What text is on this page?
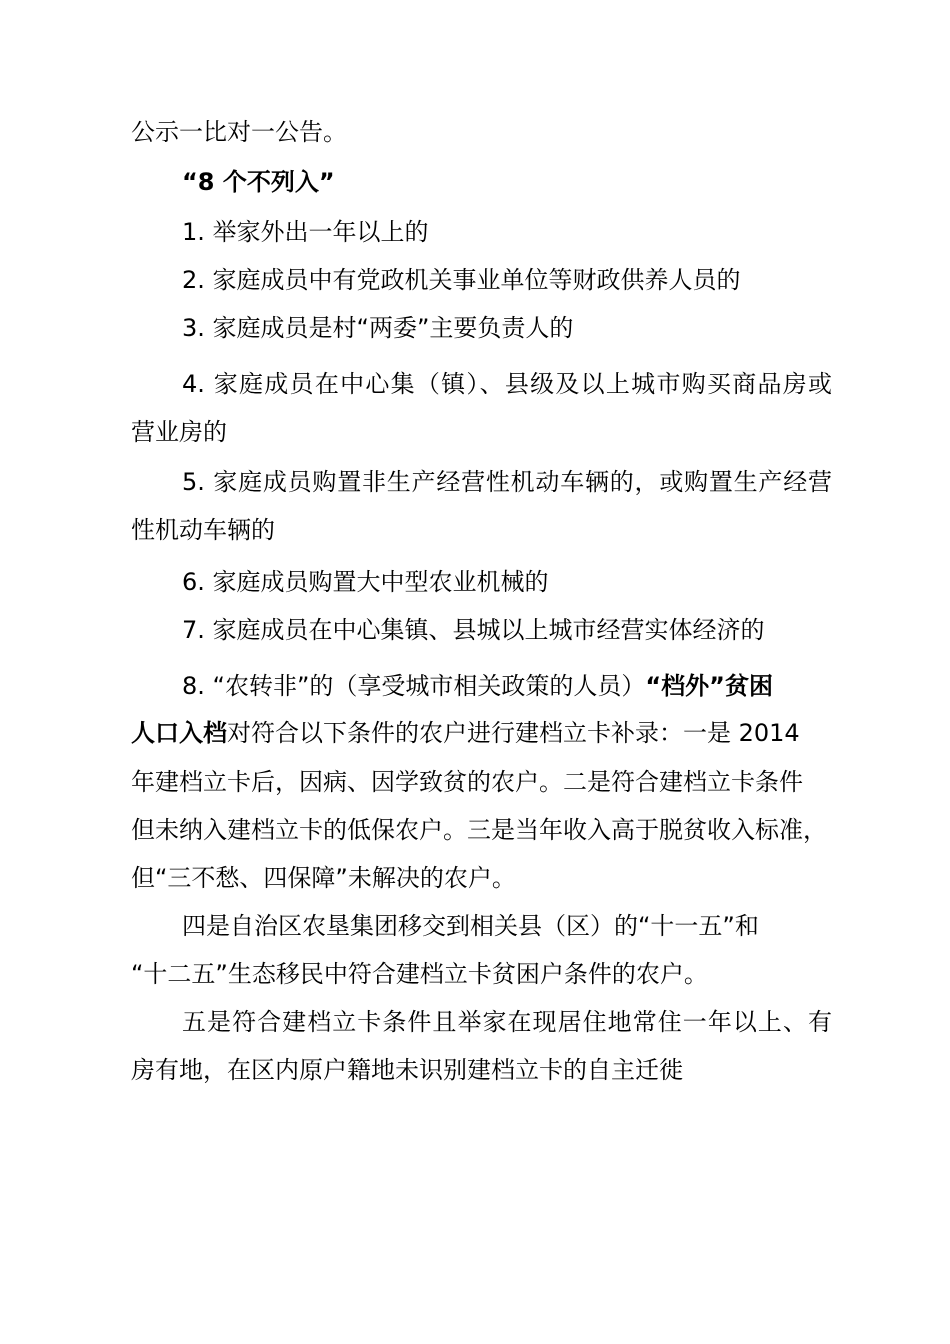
公示一比对一公告。
“8 个不列入”
1. 举家外出一年以上的
2. 家庭成员中有党政机关事业单位等财政供养人员的
3. 家庭成员是村“两委”主要负责人的
4. 家庭成员在中心集（镇）、县级及以上城市购买商品房或
营业房的
5. 家庭成员购置非生产经营性机动车辆的，或购置生产经营
性机动车辆的
6. 家庭成员购置大中型农业机械的
7. 家庭成员在中心集镇、县城以上城市经营实体经济的
8. “农转非”的（享受城市相关政策的人员）“档外”贫困
人口入档对符合以下条件的农户进行建档立卡补录：一是 2014
年建档立卡后，因病、因学致贫的农户。二是符合建档立卡条件
但未纳入建档立卡的低保农户。三是当年收入高于脱贫收入标准，
但“三不愁、四保障”未解决的农户。
四是自治区农垦集团移交到相关县（区）的“十一五”和
“十二五”生态移民中符合建档立卡贫困户条件的农户。
五是符合建档立卡条件且举家在现居住地常住一年以上、有
房有地，在区内原户籍地未识别建档立卡的自主迁徙
